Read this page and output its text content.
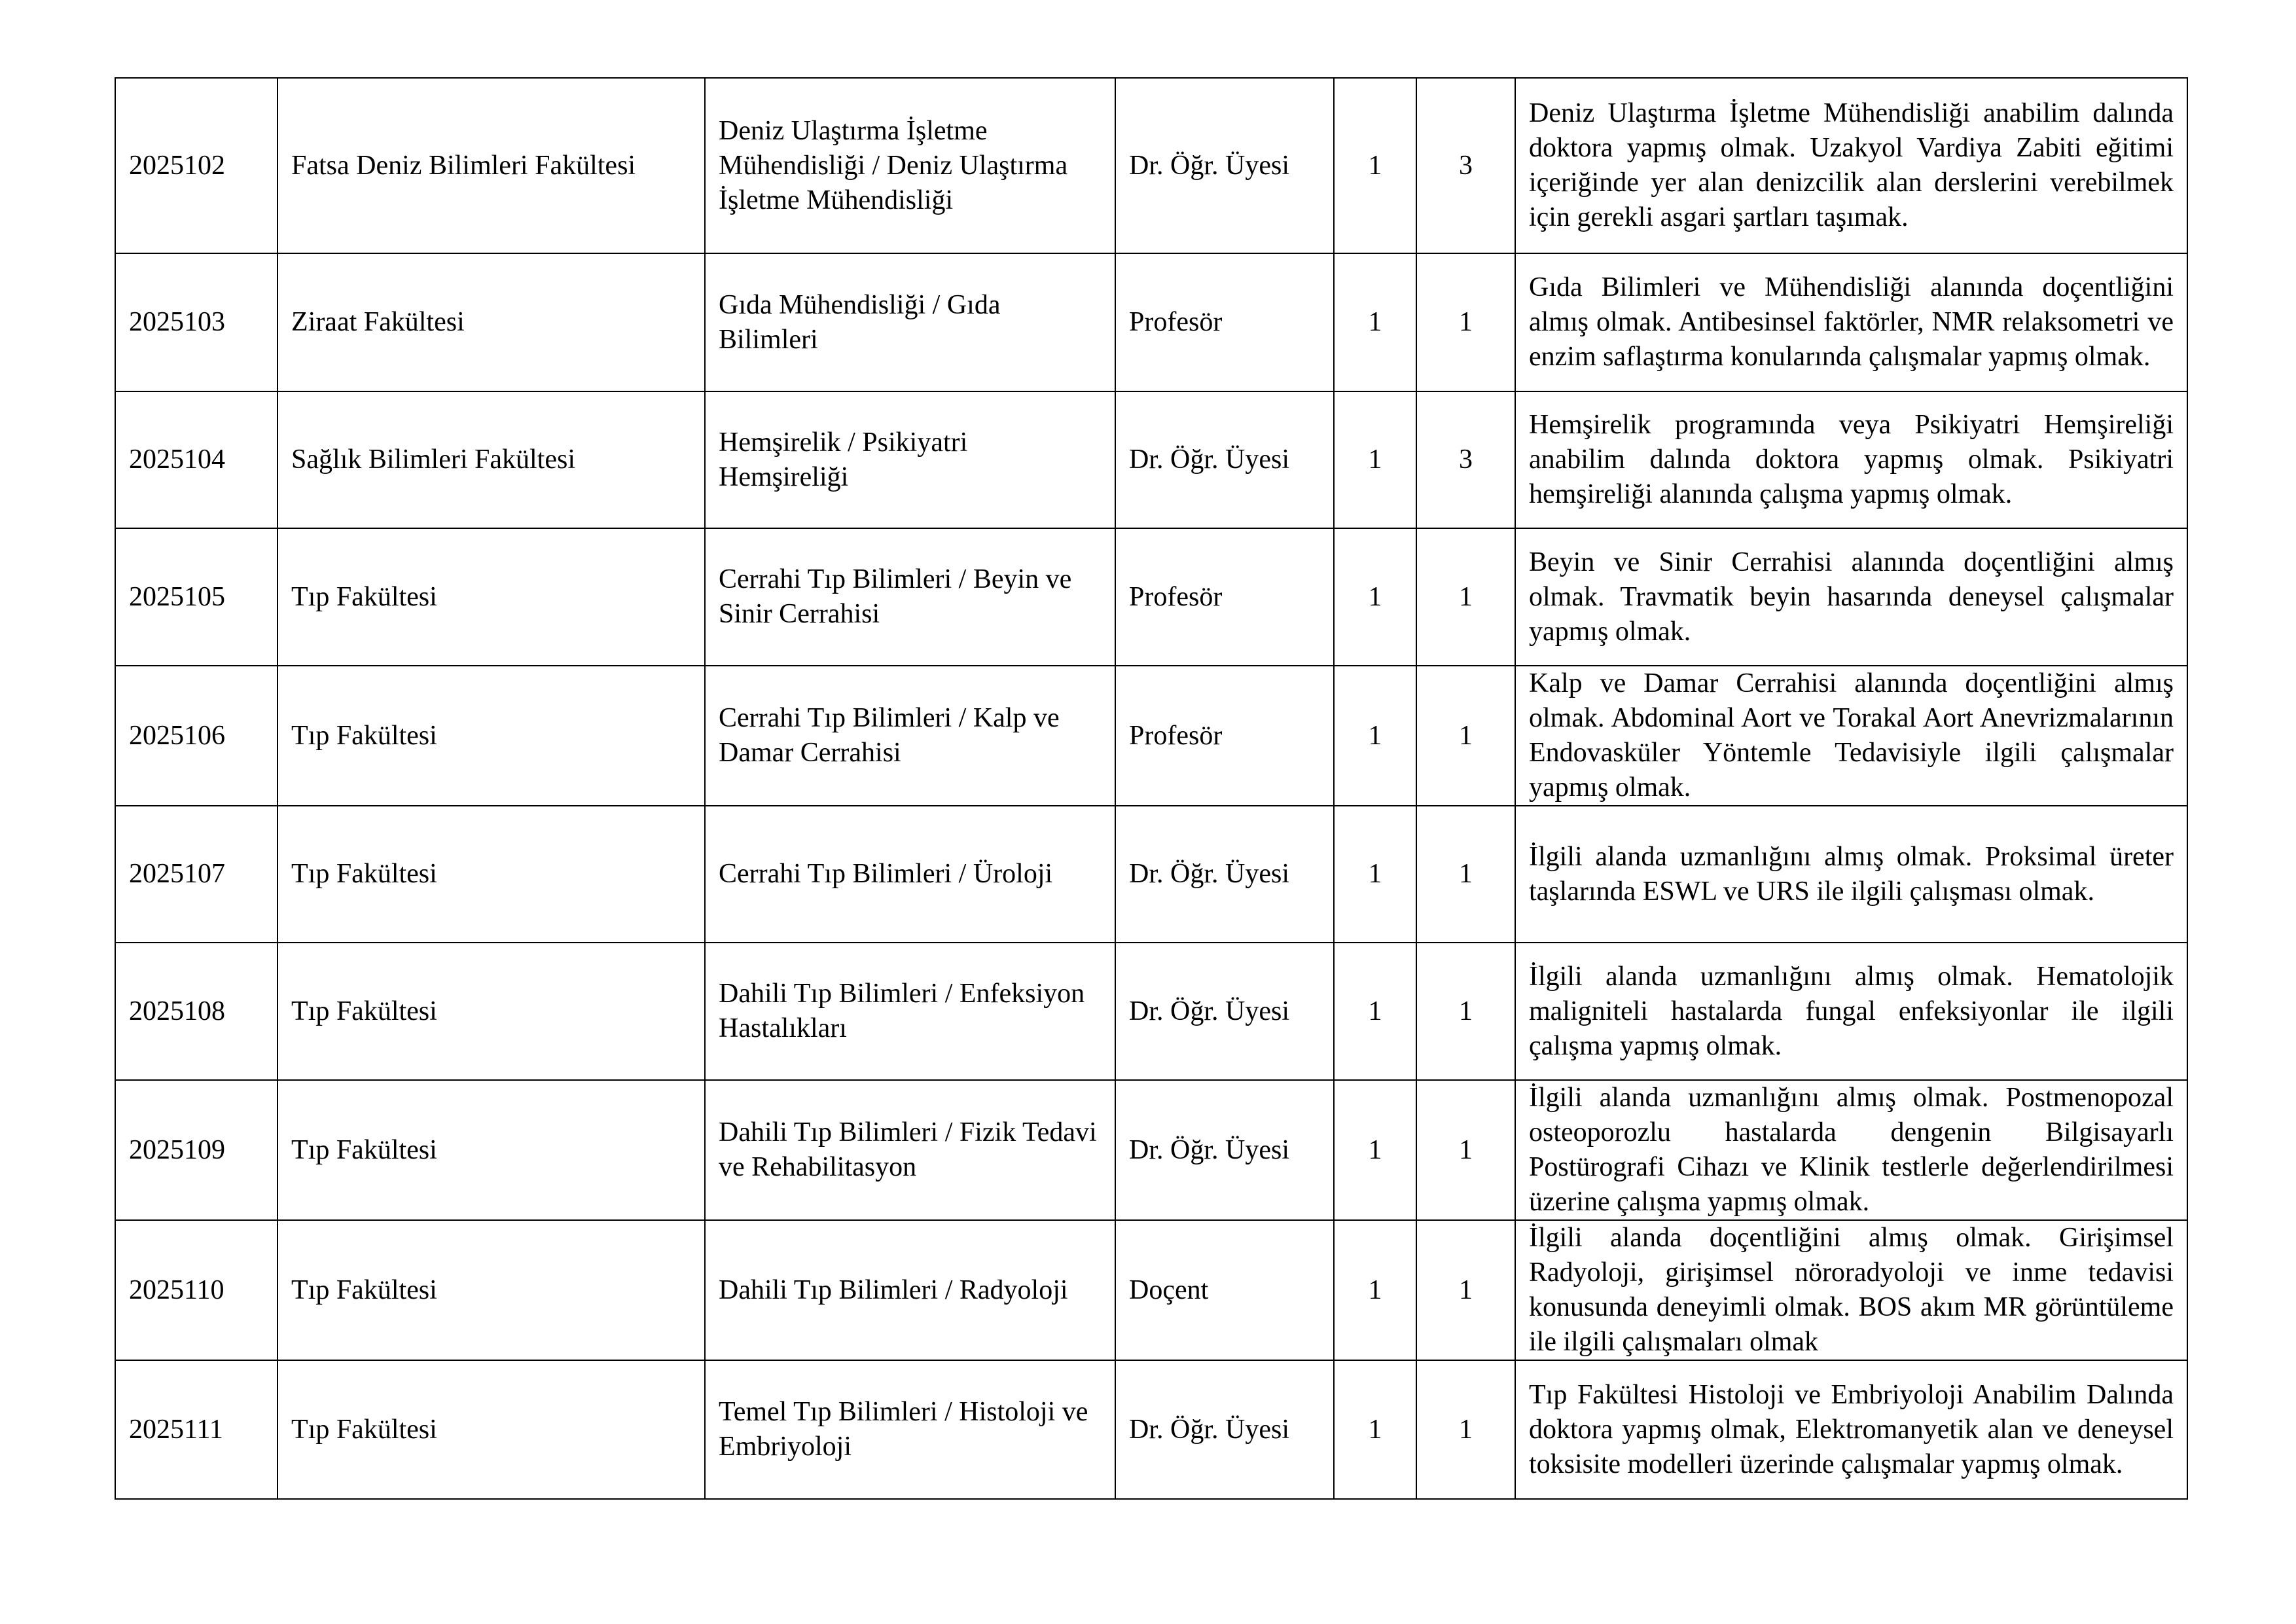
2025102	Fatsa Deniz Bilimleri Fakültesi	Deniz Ulaştırma İşletme Mühendisliği / Deniz Ulaştırma İşletme Mühendisliği	Dr. Öğr. Üyesi	1	3	Deniz Ulaştırma İşletme Mühendisliği anabilim dalında doktora yapmış olmak. Uzakyol Vardiya Zabiti eğitimi içeriğinde yer alan denizcilik alan derslerini verebilmek için gerekli asgari şartları taşımak.
2025103	Ziraat Fakültesi	Gıda Mühendisliği / Gıda Bilimleri	Profesör	1	1	Gıda Bilimleri ve Mühendisliği alanında doçentliğini almış olmak. Antibesinsel faktörler, NMR relaksometri ve enzim saflaştırma konularında çalışmalar yapmış olmak.
2025104	Sağlık Bilimleri Fakültesi	Hemşirelik / Psikiyatri Hemşireliği	Dr. Öğr. Üyesi	1	3	Hemşirelik programında veya Psikiyatri Hemşireliği anabilim dalında doktora yapmış olmak. Psikiyatri hemşireliği alanında çalışma yapmış olmak.
2025105	Tıp Fakültesi	Cerrahi Tıp Bilimleri / Beyin ve Sinir Cerrahisi	Profesör	1	1	Beyin ve Sinir Cerrahisi alanında doçentliğini almış olmak. Travmatik beyin hasarında deneysel çalışmalar yapmış olmak.
2025106	Tıp Fakültesi	Cerrahi Tıp Bilimleri / Kalp ve Damar Cerrahisi	Profesör	1	1	Kalp ve Damar Cerrahisi alanında doçentliğini almış olmak. Abdominal Aort ve Torakal Aort Anevrizmalarının Endovasküler Yöntemle Tedavisiyle ilgili çalışmalar yapmış olmak.
2025107	Tıp Fakültesi	Cerrahi Tıp Bilimleri / Üroloji	Dr. Öğr. Üyesi	1	1	İlgili alanda uzmanlığını almış olmak. Proksimal üreter taşlarında ESWL ve URS ile ilgili çalışması olmak.
2025108	Tıp Fakültesi	Dahili Tıp Bilimleri / Enfeksiyon Hastalıkları	Dr. Öğr. Üyesi	1	1	İlgili alanda uzmanlığını almış olmak. Hematolojik maligniteli hastalarda fungal enfeksiyonlar ile ilgili çalışma yapmış olmak.
2025109	Tıp Fakültesi	Dahili Tıp Bilimleri / Fizik Tedavi ve Rehabilitasyon	Dr. Öğr. Üyesi	1	1	İlgili alanda uzmanlığını almış olmak. Postmenopozal osteoporozlu hastalarda dengenin Bilgisayarlı Postürografi Cihazı ve Klinik testlerle değerlendirilmesi üzerine çalışma yapmış olmak.
2025110	Tıp Fakültesi	Dahili Tıp Bilimleri / Radyoloji	Doçent	1	1	İlgili alanda doçentliğini almış olmak. Girişimsel Radyoloji, girişimsel nöroradyoloji ve inme tedavisi konusunda deneyimli olmak. BOS akım MR görüntüleme ile ilgili çalışmaları olmak
2025111	Tıp Fakültesi	Temel Tıp Bilimleri / Histoloji ve Embriyoloji	Dr. Öğr. Üyesi	1	1	Tıp Fakültesi Histoloji ve Embriyoloji Anabilim Dalında doktora yapmış olmak, Elektromanyetik alan ve deneysel toksisite modelleri üzerinde çalışmalar yapmış olmak.
